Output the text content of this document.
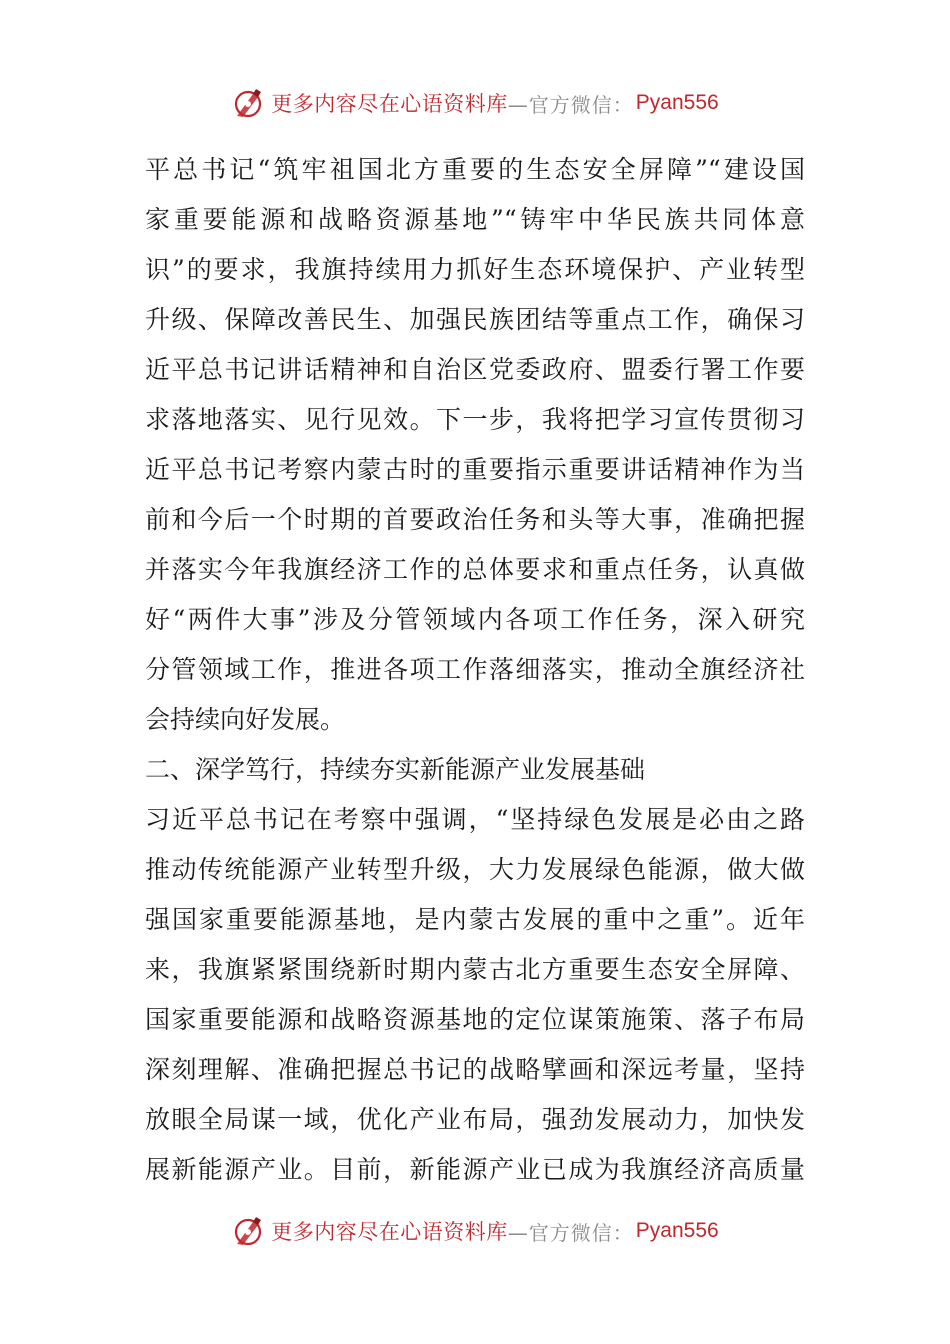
更多内容尽在心语资料库 —官方微信： Pyan556
平总书记“筑牢祖国北方重要的生态安全屏障”“建设国
家重要能源和战略资源基地”“铸牢中华民族共同体意
识”的要求，我旗持续用力抓好生态环境保护、产业转型
升级、保障改善民生、加强民族团结等重点工作，确保习
近平总书记讲话精神和自治区党委政府、盟委行署工作要
求落地落实、见行见效。下一步，我将把学习宣传贯彻习
近平总书记考察内蒙古时的重要指示重要讲话精神作为当
前和今后一个时期的首要政治任务和头等大事，准确把握
并落实今年我旗经济工作的总体要求和重点任务，认真做
好“两件大事”涉及分管领域内各项工作任务，深入研究
分管领域工作，推进各项工作落细落实，推动全旗经济社
会持续向好发展。
二、深学笃行，持续夯实新能源产业发展基础
习近平总书记在考察中强调，“坚持绿色发展是必由之路
推动传统能源产业转型升级，大力发展绿色能源，做大做
强国家重要能源基地，是内蒙古发展的重中之重”。近年
来，我旗紧紧围绕新时期内蒙古北方重要生态安全屏障、
国家重要能源和战略资源基地的定位谋策施策、落子布局
深刻理解、准确把握总书记的战略擘画和深远考量，坚持
放眼全局谋一域，优化产业布局，强劲发展动力，加快发
展新能源产业。目前，新能源产业已成为我旗经济高质量
更多内容尽在心语资料库 —官方微信： Pyan556
